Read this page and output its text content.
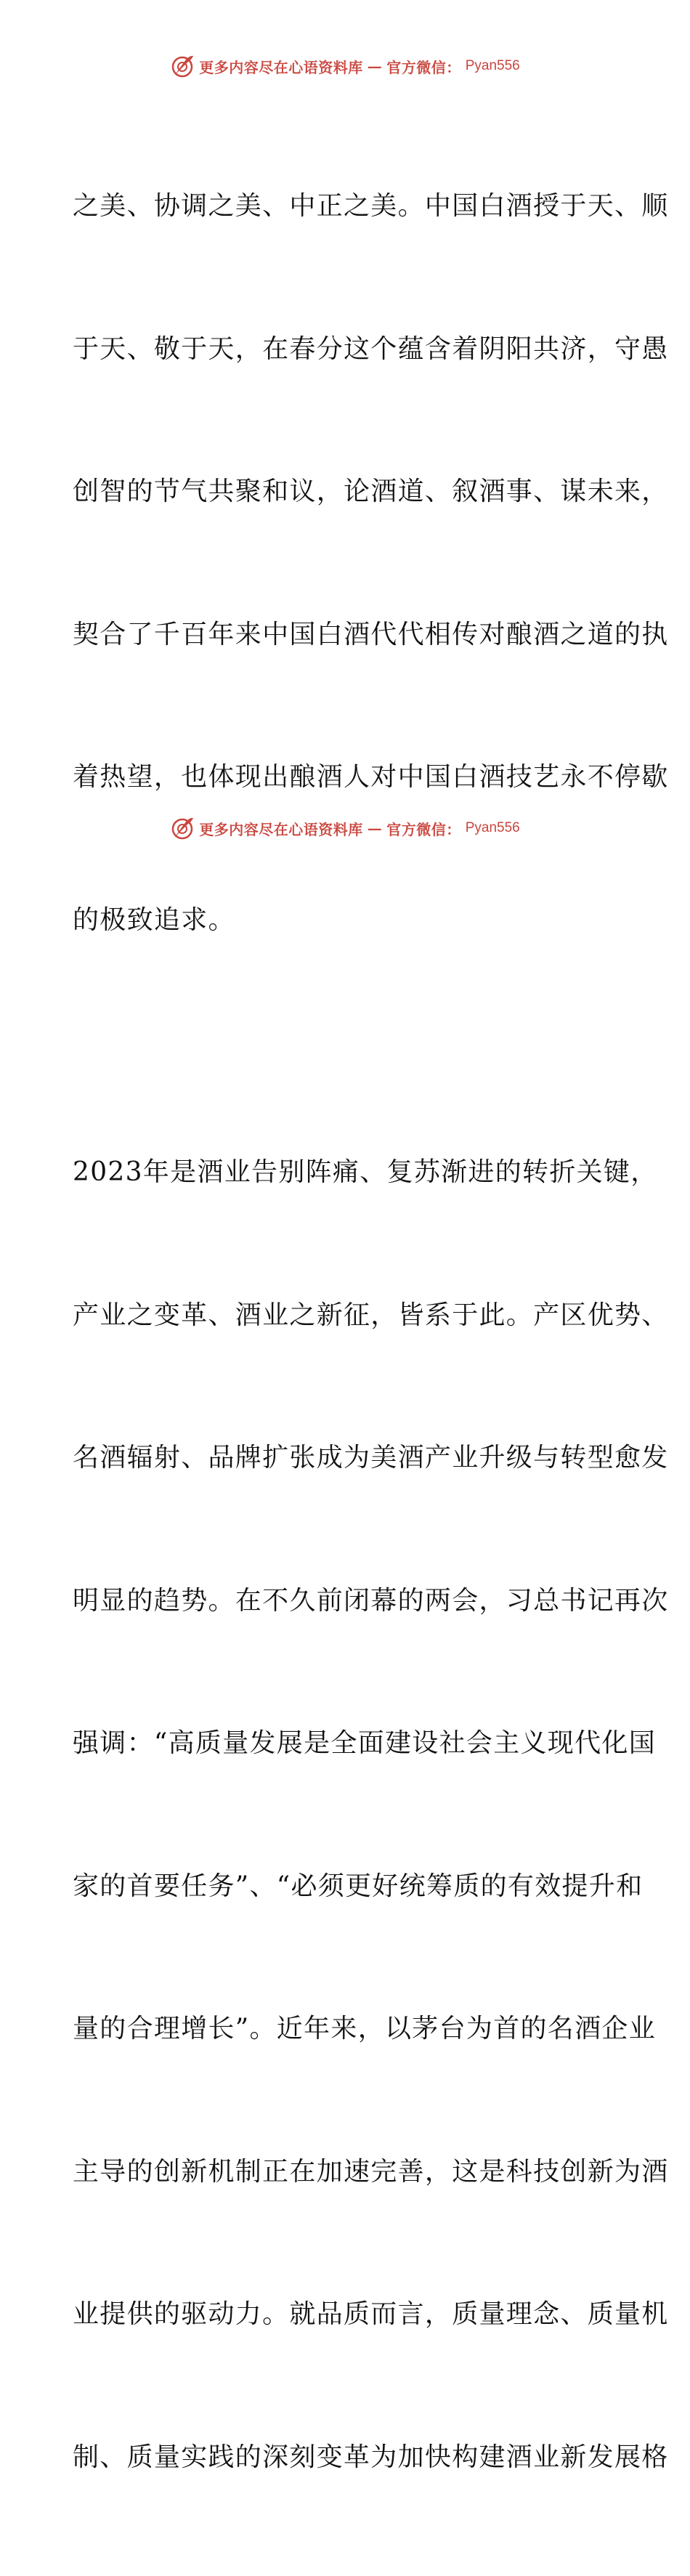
更多内容尽在心语资料库 — 官方微信： Pyan556

之美、协调之美、中正之美。中国白酒授于天、顺

于天、敬于天，在春分这个蕴含着阴阳共济，守愚

创智的节气共聚和议，论酒道、叙酒事、谋未来，

契合了千百年来中国白酒代代相传对酿酒之道的执

着热望，也体现出酿酒人对中国白酒技艺永不停歇

的极致追求。

2023年是酒业告别阵痛、复苏渐进的转折关键，

产业之变革、酒业之新征，皆系于此。产区优势、

名酒辐射、品牌扩张成为美酒产业升级与转型愈发

明显的趋势。在不久前闭幕的两会，习总书记再次

强调：“高质量发展是全面建设社会主义现代化国

家的首要任务”、“必须更好统筹质的有效提升和

量的合理增长”。近年来，以茅台为首的名酒企业

主导的创新机制正在加速完善，这是科技创新为酒

业提供的驱动力。就品质而言，质量理念、质量机

制、质量实践的深刻变革为加快构建酒业新发展格

更多内容尽在心语资料库 — 官方微信： Pyan556
